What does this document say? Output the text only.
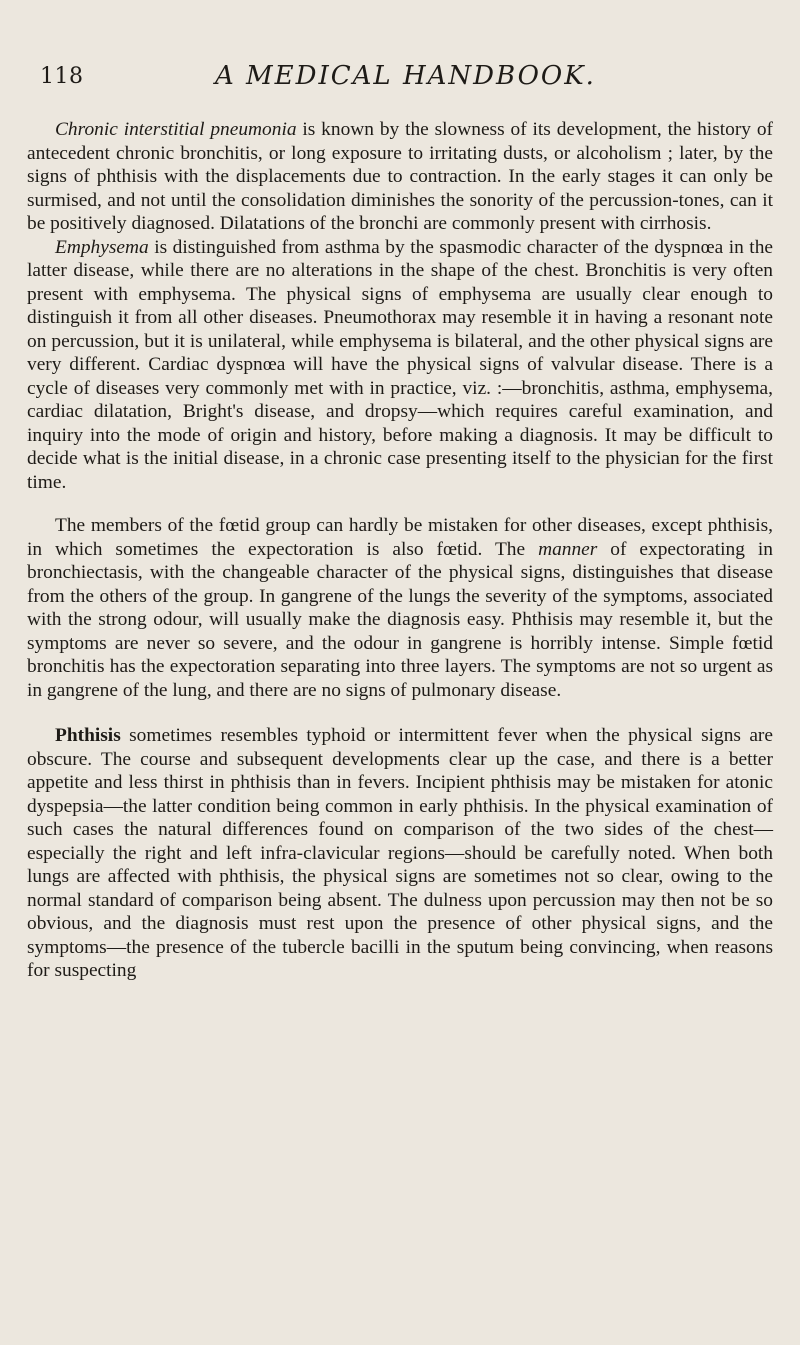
118	A MEDICAL HANDBOOK.

Chronic interstitial pneumonia is known by the slowness of its development, the history of antecedent chronic bronchitis, or long exposure to irritating dusts, or alcoholism ; later, by the signs of phthisis with the displacements due to contraction. In the early stages it can only be surmised, and not until the consolidation diminishes the sonority of the percussion-tones, can it be positively diagnosed. Dilatations of the bronchi are commonly present with cirrhosis.

Emphysema is distinguished from asthma by the spasmodic character of the dyspnœa in the latter disease, while there are no alterations in the shape of the chest. Bronchitis is very often present with emphysema. The physical signs of emphysema are usually clear enough to distinguish it from all other diseases. Pneumothorax may resemble it in having a resonant note on percussion, but it is unilateral, while emphysema is bilateral, and the other physical signs are very different. Cardiac dyspnœa will have the physical signs of valvular disease. There is a cycle of diseases very commonly met with in practice, viz. :—bronchitis, asthma, emphysema, cardiac dilatation, Bright's disease, and dropsy—which requires careful examination, and inquiry into the mode of origin and history, before making a diagnosis. It may be difficult to decide what is the initial disease, in a chronic case presenting itself to the physician for the first time.

The members of the fœtid group can hardly be mistaken for other diseases, except phthisis, in which sometimes the expectoration is also fœtid. The manner of expectorating in bronchiectasis, with the changeable character of the physical signs, distinguishes that disease from the others of the group. In gangrene of the lungs the severity of the symptoms, associated with the strong odour, will usually make the diagnosis easy. Phthisis may resemble it, but the symptoms are never so severe, and the odour in gangrene is horribly intense. Simple fœtid bronchitis has the expectoration separating into three layers. The symptoms are not so urgent as in gangrene of the lung, and there are no signs of pulmonary disease.

Phthisis sometimes resembles typhoid or intermittent fever when the physical signs are obscure. The course and subsequent developments clear up the case, and there is a better appetite and less thirst in phthisis than in fevers. Incipient phthisis may be mistaken for atonic dyspepsia—the latter condition being common in early phthisis. In the physical examination of such cases the natural differences found on comparison of the two sides of the chest—especially the right and left infra-clavicular regions—should be carefully noted. When both lungs are affected with phthisis, the physical signs are sometimes not so clear, owing to the normal standard of comparison being absent. The dulness upon percussion may then not be so obvious, and the diagnosis must rest upon the presence of other physical signs, and the symptoms—the presence of the tubercle bacilli in the sputum being convincing, when reasons for suspecting
